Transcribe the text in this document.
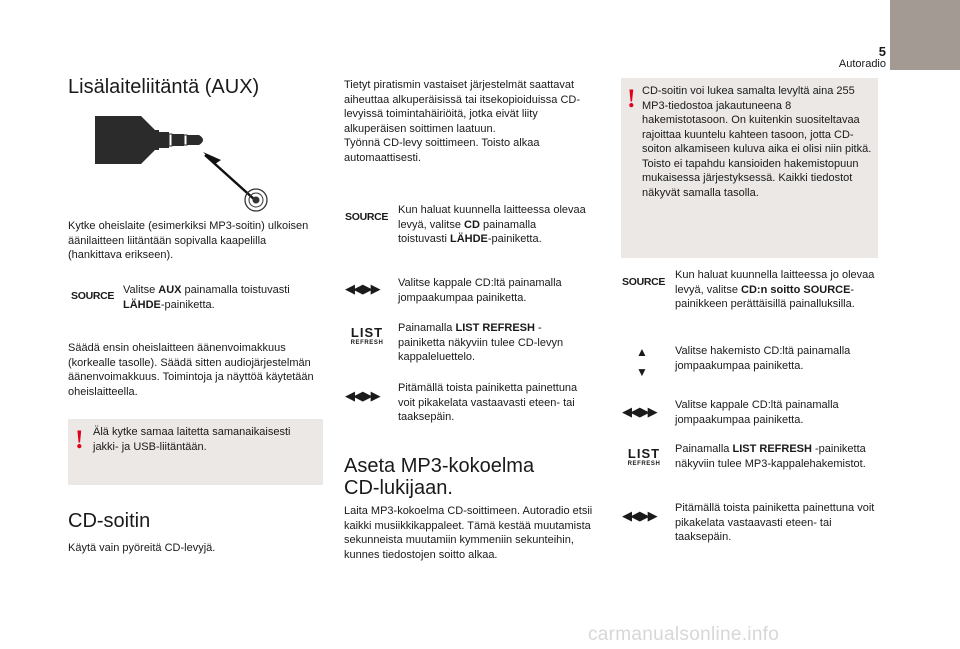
5
Autoradio
Lisälaiteliitäntä (AUX)
Kytke oheislaite (esimerkiksi MP3-soitin) ulkoisen äänilaitteen liitäntään sopivalla kaapelilla (hankittava erikseen).
SOURCE Valitse AUX painamalla toistuvasti LÄHDE-painiketta.
Säädä ensin oheislaitteen äänenvoimakkuus (korkealle tasolle). Säädä sitten audiojärjestelmän äänenvoimakkuus. Toimintoja ja näyttöä käytetään oheislaitteella.
! Älä kytke samaa laitetta samanaikaisesti jakki- ja USB-liitäntään.
CD-soitin
Käytä vain pyöreitä CD-levyjä.
Tietyt piratismin vastaiset järjestelmät saattavat aiheuttaa alkuperäisissä tai itsekopioiduissa CD-levyissä toimintahäiriöitä, jotka eivät liity alkuperäisen soittimen laatuun.
Työnnä CD-levy soittimeen. Toisto alkaa automaattisesti.
SOURCE
Kun haluat kuunnella laitteessa olevaa levyä, valitse CD painamalla toistuvasti LÄHDE-painiketta.
◀◀ ▶▶ Valitse kappale CD:ltä painamalla jompaakumpaa painiketta.
LIST
REFRESH
Painamalla LIST REFRESH -painiketta näkyviin tulee CD-levyn kappaleluettelo.
◀◀ ▶▶ Pitämällä toista painiketta painettuna voit pikakelata vastaavasti eteen- tai taaksepäin.
Aseta MP3-kokoelma
CD-lukijaan.
Laita MP3-kokoelma CD-soittimeen. Autoradio etsii kaikki musiikkikappaleet. Tämä kestää muutamista sekunneista muutamiin kymmeniin sekunteihin, kunnes tiedostojen soitto alkaa.
! CD-soitin voi lukea samalta levyltä aina 255 MP3-tiedostoa jakautuneena 8 hakemistotasoon. On kuitenkin suositeltavaa rajoittaa kuuntelu kahteen tasoon, jotta CD-soiton alkamiseen kuluva aika ei olisi niin pitkä. Toisto ei tapahdu kansioiden hakemistopuun mukaisessa järjestyksessä. Kaikki tiedostot näkyvät samalla tasolla.
SOURCE
Kun haluat kuunnella laitteessa jo olevaa levyä, valitse CD:n soitto SOURCE-painikkeen perättäisillä painalluksilla.
▲
▼
Valitse hakemisto CD:ltä painamalla jompaakumpaa painiketta.
◀◀ ▶▶ Valitse kappale CD:ltä painamalla jompaakumpaa painiketta.
LIST
REFRESH
Painamalla LIST REFRESH -painiketta näkyviin tulee MP3-kappalehakemistot.
◀◀ ▶▶ Pitämällä toista painiketta painettuna voit pikakelata vastaavasti eteen- tai taaksepäin.
carmanualsonline.info
